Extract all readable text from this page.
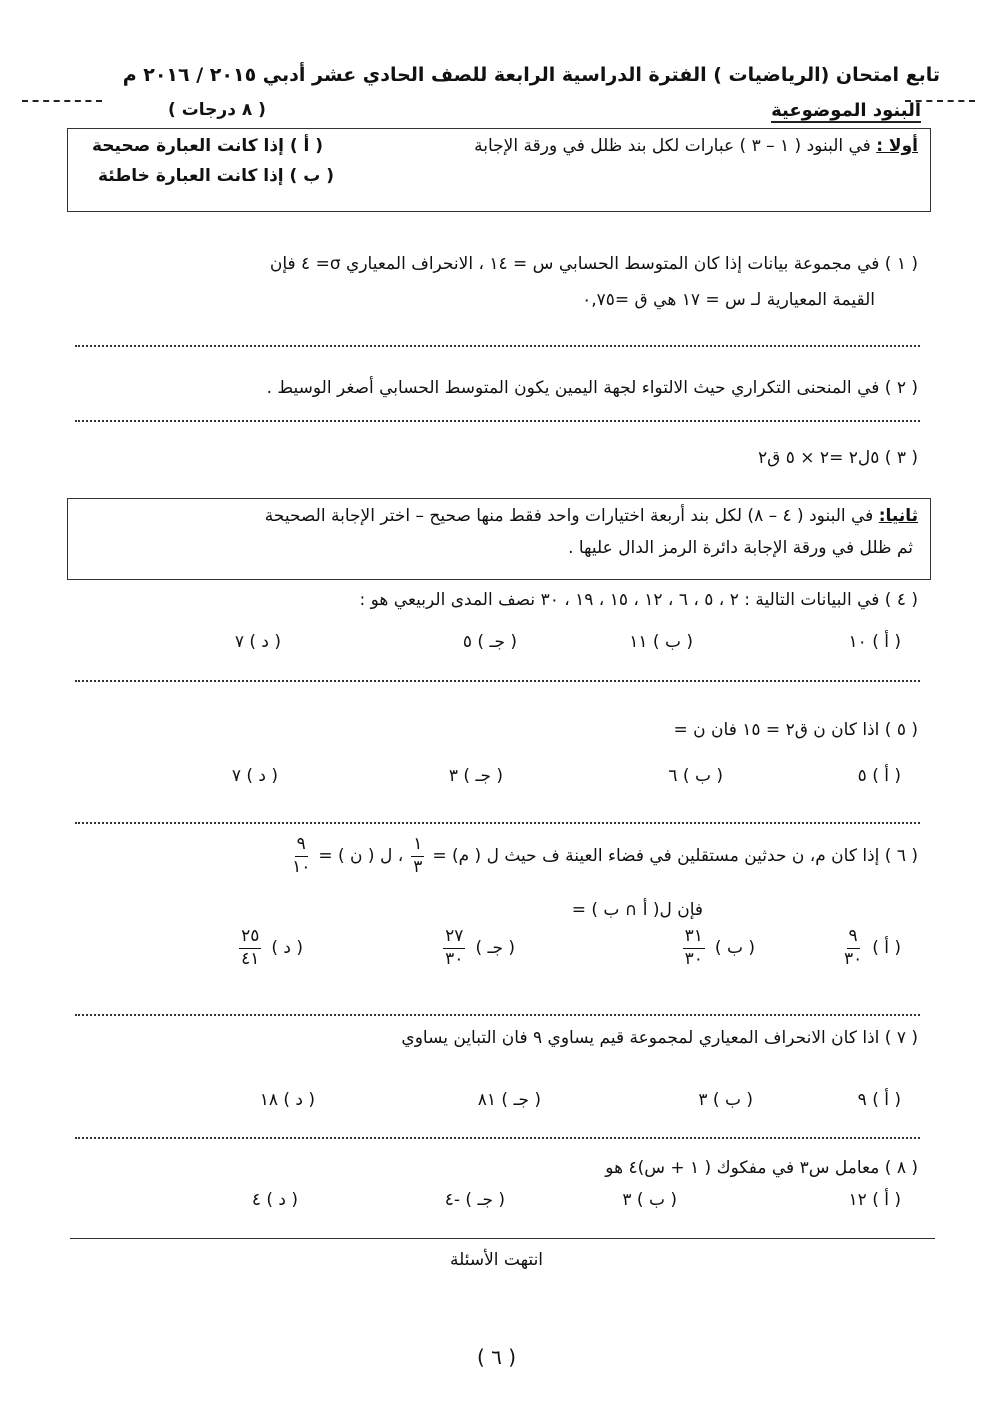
تابع امتحان (الرياضيات ) الفترة الدراسية الرابعة للصف الحادي عشر أدبي ٢٠١٥ / ٢٠١٦ م
البنود الموضوعية
( ٨ درجات )
أولا : في البنود ( ١ – ٣ ) عبارات لكل بند ظلل في ورقة الإجابة
( أ ) إذا كانت العبارة صحيحة
( ب ) إذا كانت العبارة خاطئة
( ١ ) في مجموعة بيانات إذا كان المتوسط الحسابي س = ١٤ ، الانحراف المعياري σ= ٤ فإن
القيمة المعيارية لـ س = ١٧ هي ق =٠,٧٥
( ٢ ) في المنحنى التكراري حيث الالتواء لجهة اليمين يكون المتوسط الحسابي أصغر الوسيط .
( ٣ ) ٥ل٢ =٢ × ٥ ق٢
ثانيا: في البنود ( ٤ – ٨) لكل بند أربعة اختيارات واحد فقط منها صحيح – اختر الإجابة الصحيحة
ثم ظلل في ورقة الإجابة دائرة الرمز الدال عليها .
( ٤ ) في البيانات التالية : ٢ ، ٥ ، ٦ ، ١٢ ، ١٥ ، ١٩ ، ٣٠ نصف المدى الربيعي هو :
( أ ) ١٠
( ب ) ١١
( جـ ) ٥
( د ) ٧
( ٥ ) اذا كان ن ق٢ = ١٥ فان ن =
( أ ) ٥
( ب ) ٦
( جـ ) ٣
( د ) ٧
( ٦ ) إذا كان م، ن حدثين مستقلين في فضاء العينة ف حيث ل ( م) =
$\frac{١}{٣}$
، ل ( ن ) =
$\frac{٩}{١٠}$
فإن ل( أ ∩ ب ) =
( أ )
$\frac{٩}{٣٠}$
( ب )
$\frac{٣١}{٣٠}$
( جـ )
$\frac{٢٧}{٣٠}$
( د )
$\frac{٢٥}{٤١}$
( ٧ ) اذا كان الانحراف المعياري لمجموعة قيم يساوي ٩ فان التباين يساوي
( أ ) ٩
( ب ) ٣
( جـ ) ٨١
( د ) ١٨
( ٨ ) معامل س٣ في مفكوك ( ١ + س)٤ هو
( أ ) ١٢
( ب ) ٣
( جـ ) -٤
( د ) ٤
انتهت الأسئلة
( ٦ )
